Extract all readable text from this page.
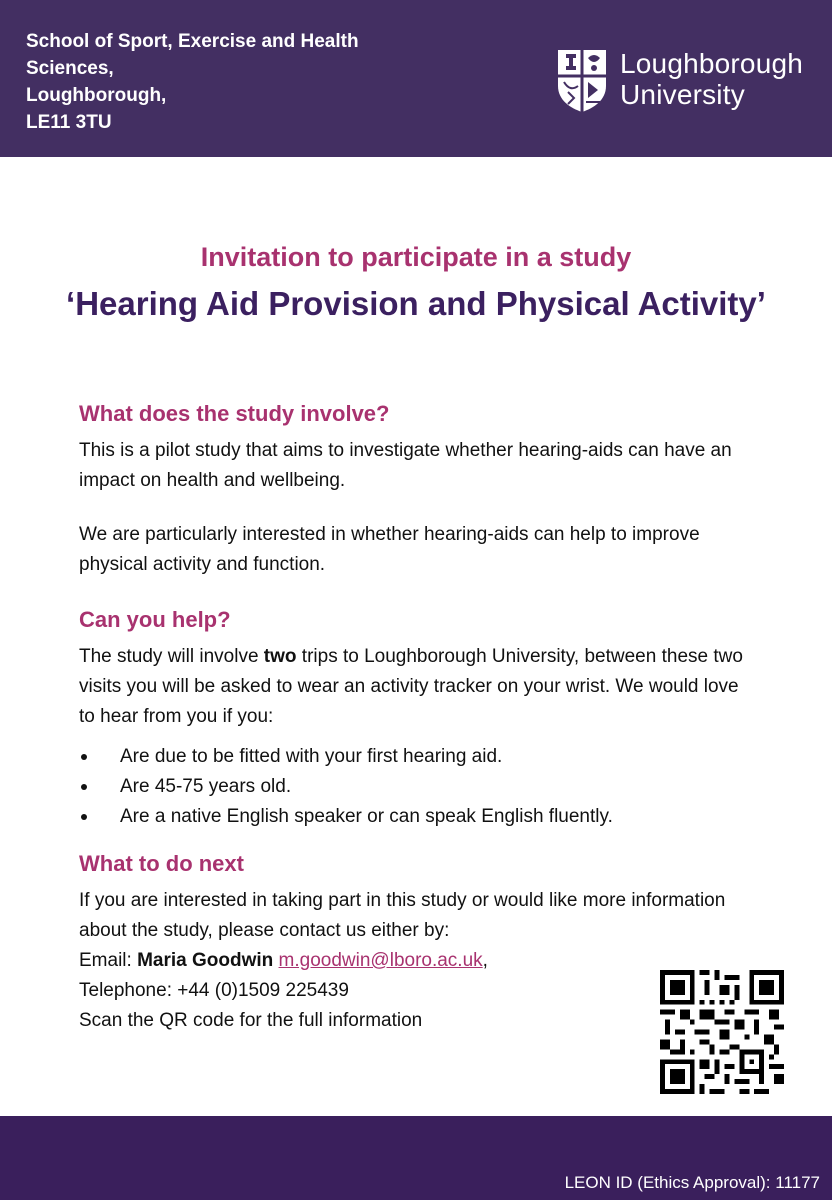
School of Sport, Exercise and Health
Sciences,
Loughborough,
LE11 3TU
Loughborough
University
Invitation to participate in a study
‘Hearing Aid Provision and Physical Activity’
What does the study involve?

This is a pilot study that aims to investigate whether hearing-aids can have an impact on health and wellbeing.

We are particularly interested in whether hearing-aids can help to improve physical activity and function.

Can you help?

The study will involve two trips to Loughborough University, between these two visits you will be asked to wear an activity tracker on your wrist. We would love to hear from you if you:

Are due to be fitted with your first hearing aid.
Are 45-75 years old.
Are a native English speaker or can speak English fluently.
What to do next

If you are interested in taking part in this study or would like more information about the study, please contact us either by:

Email: Maria Goodwin m.goodwin@lboro.ac.uk,
Telephone: +44 (0)1509 225439
Scan the QR code for the full information
LEON ID (Ethics Approval): 11177
